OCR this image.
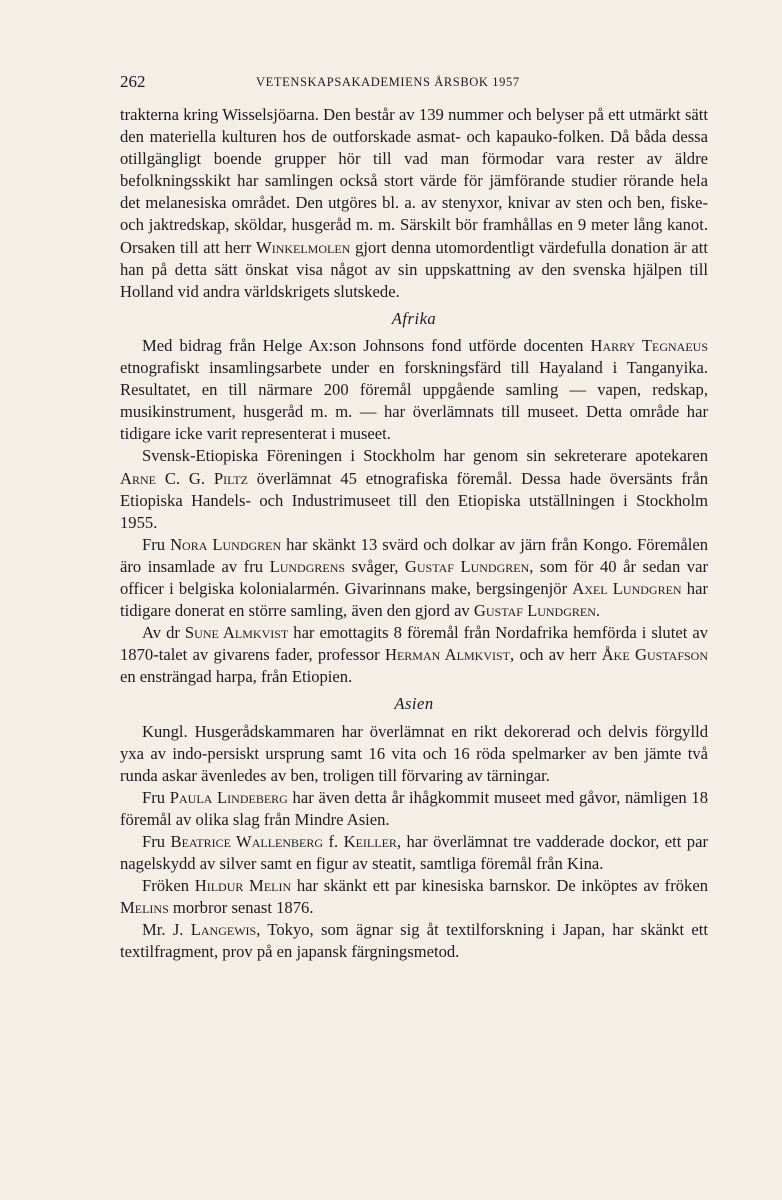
262	VETENSKAPSAKADEMIENS ÅRSBOK 1957

trakterna kring Wisselsjöarna. Den består av 139 nummer och belyser på ett utmärkt sätt den materiella kulturen hos de outforskade asmat- och kapauko-folken. Då båda dessa otillgängligt boende grupper hör till vad man förmodar vara rester av äldre befolkningsskikt har samlingen också stort värde för jämförande studier rörande hela det melanesiska området. Den utgöres bl. a. av stenyxor, knivar av sten och ben, fiske- och jaktredskap, sköldar, husgeråd m. m. Särskilt bör framhållas en 9 meter lång kanot. Orsaken till att herr Winkelmolen gjort denna utomordentligt värdefulla donation är att han på detta sätt önskat visa något av sin uppskattning av den svenska hjälpen till Holland vid andra världskrigets slutskede.

Afrika

Med bidrag från Helge Ax:son Johnsons fond utförde docenten Harry Tegnaeus etnografiskt insamlingsarbete under en forskningsfärd till Hayaland i Tanganyika. Resultatet, en till närmare 200 föremål uppgående samling — vapen, redskap, musikinstrument, husgeråd m. m. — har överlämnats till museet. Detta område har tidigare icke varit representerat i museet.

Svensk-Etiopiska Föreningen i Stockholm har genom sin sekreterare apotekaren Arne C. G. Piltz överlämnat 45 etnografiska föremål. Dessa hade översänts från Etiopiska Handels- och Industrimuseet till den Etiopiska utställningen i Stockholm 1955.

Fru Nora Lundgren har skänkt 13 svärd och dolkar av järn från Kongo. Föremålen äro insamlade av fru Lundgrens svåger, Gustaf Lundgren, som för 40 år sedan var officer i belgiska kolonialarmén. Givarinnans make, bergsingenjör Axel Lundgren har tidigare donerat en större samling, även den gjord av Gustaf Lundgren.

Av dr Sune Almkvist har emottagits 8 föremål från Nordafrika hemförda i slutet av 1870-talet av givarens fader, professor Herman Almkvist, och av herr Åke Gustafson en ensträngad harpa, från Etiopien.

Asien

Kungl. Husgerådskammaren har överlämnat en rikt dekorerad och delvis förgylld yxa av indo-persiskt ursprung samt 16 vita och 16 röda spelmarker av ben jämte två runda askar ävenledes av ben, troligen till förvaring av tärningar.

Fru Paula Lindeberg har även detta år ihågkommit museet med gåvor, nämligen 18 föremål av olika slag från Mindre Asien.

Fru Beatrice Wallenberg f. Keiller, har överlämnat tre vadderade dockor, ett par nagelskydd av silver samt en figur av steatit, samtliga föremål från Kina.

Fröken Hildur Melin har skänkt ett par kinesiska barnskor. De inköptes av fröken Melins morbror senast 1876.

Mr. J. Langewis, Tokyo, som ägnar sig åt textilforskning i Japan, har skänkt ett textilfragment, prov på en japansk färgningsmetod.
